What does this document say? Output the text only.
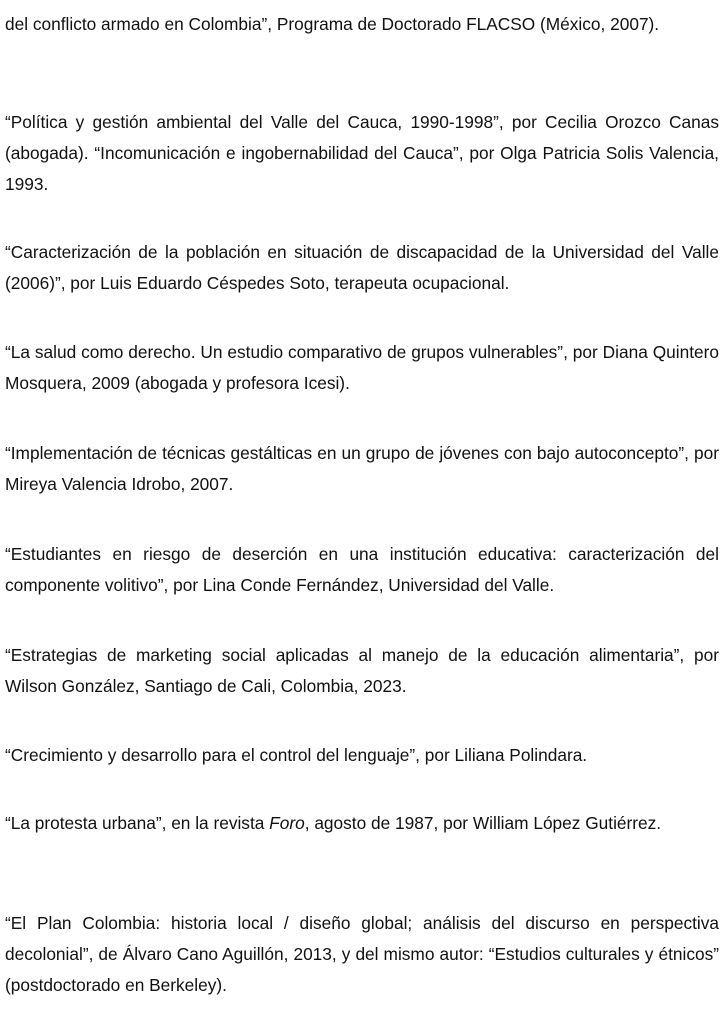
del conflicto armado en Colombia”, Programa de Doctorado FLACSO (México, 2007).

“Política y gestión ambiental del Valle del Cauca, 1990-1998”, por Cecilia Orozco Canas (abogada). “Incomunicación e ingobernabilidad del Cauca”, por Olga Patricia Solis Valencia, 1993.

“Caracterización de la población en situación de discapacidad de la Universidad del Valle (2006)”, por Luis Eduardo Céspedes Soto, terapeuta ocupacional.

“La salud como derecho. Un estudio comparativo de grupos vulnerables”, por Diana Quintero Mosquera, 2009 (abogada y profesora Icesi).

“Implementación de técnicas gestálticas en un grupo de jóvenes con bajo autoconcepto”, por Mireya Valencia Idrobo, 2007.

“Estudiantes en riesgo de deserción en una institución educativa: caracterización del componente volitivo”, por Lina Conde Fernández, Universidad del Valle.

“Estrategias de marketing social aplicadas al manejo de la educación alimentaria”, por Wilson González, Santiago de Cali, Colombia, 2023.

“Crecimiento y desarrollo para el control del lenguaje”, por Liliana Polindara.

“La protesta urbana”, en la revista Foro, agosto de 1987, por William López Gutiérrez.

“El Plan Colombia: historia local / diseño global; análisis del discurso en perspectiva decolonial”, de Álvaro Cano Aguillón, 2013, y del mismo autor: “Estudios culturales y étnicos” (postdoctorado en Berkeley).
